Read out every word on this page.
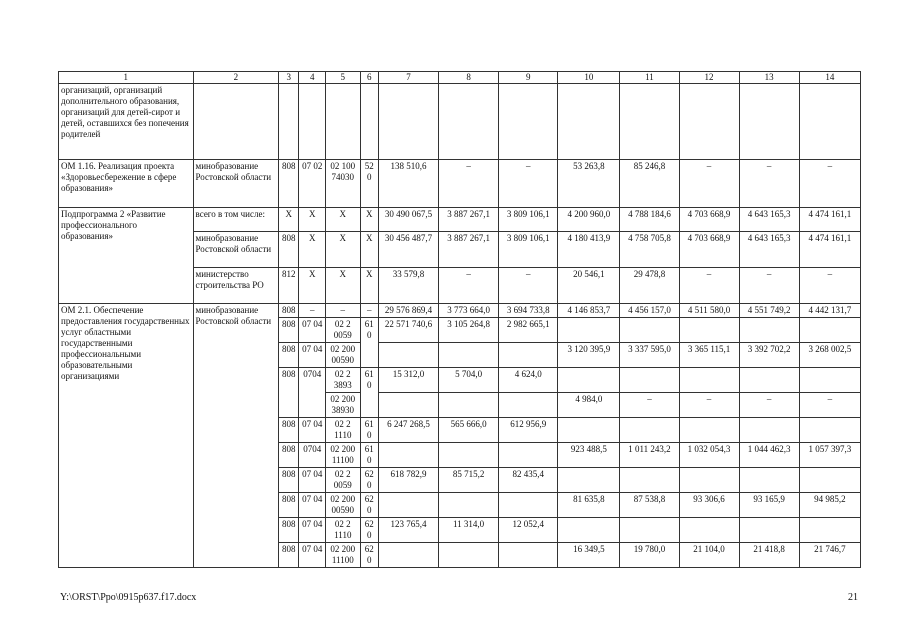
1	2	3	4	5	6	7	8	9	10	11	12	13	14
организаций, организаций дополнительного образования, организаций для детей-сирот и детей, оставшихся без попечения родителей													
ОМ 1.16. Реализация проекта «Здоровьесбережение в сфере образования»	минобразование Ростовской области	808	07 02	02 100 74030	520	138 510,6	–	–	53 263,8	85 246,8	–	–	–
Подпрограмма 2 «Развитие профессионального образования»	всего в том числе:	Х	Х	Х	Х	30 490 067,5	3 887 267,1	3 809 106,1	4 200 960,0	4 788 184,6	4 703 668,9	4 643 165,3	4 474 161,1
	минобразование Ростовской области	808	Х	Х	Х	30 456 487,7	3 887 267,1	3 809 106,1	4 180 413,9	4 758 705,8	4 703 668,9	4 643 165,3	4 474 161,1
	министерство строительства РО	812	Х	Х	Х	33 579,8	–	–	20 546,1	29 478,8	–	–	–
ОМ 2.1. Обеспечение предоставления государственных услуг областными государственными профессиональными образовательными организациями	минобразование Ростовской области	808	–	–	–	29 576 869,4	3 773 664,0	3 694 733,8	4 146 853,7	4 456 157,0	4 511 580,0	4 551 749,2	4 442 131,7
		808	07 04	02 2 0059	610	22 571 740,6	3 105 264,8	2 982 665,1					
		808	07 04	02 200 00590					3 120 395,9	3 337 595,0	3 365 115,1	3 392 702,2	3 268 002,5
		808	0704	02 2 3893	610	15 312,0	5 704,0	4 624,0					
				02 200 38930					4 984,0	–	–	–	–
		808	07 04	02 2 1110	610	6 247 268,5	565 666,0	612 956,9					
		808	0704	02 200 11100	610				923 488,5	1 011 243,2	1 032 054,3	1 044 462,3	1 057 397,3
		808	07 04	02 2 0059	620	618 782,9	85 715,2	82 435,4					
		808	07 04	02 200 00590	620				81 635,8	87 538,8	93 306,6	93 165,9	94 985,2
		808	07 04	02 2 1110	620	123 765,4	11 314,0	12 052,4					
		808	07 04	02 200 11100	620				16 349,5	19 780,0	21 104,0	21 418,8	21 746,7
Y:\ORST\Ppo\0915p637.f17.docx	21
